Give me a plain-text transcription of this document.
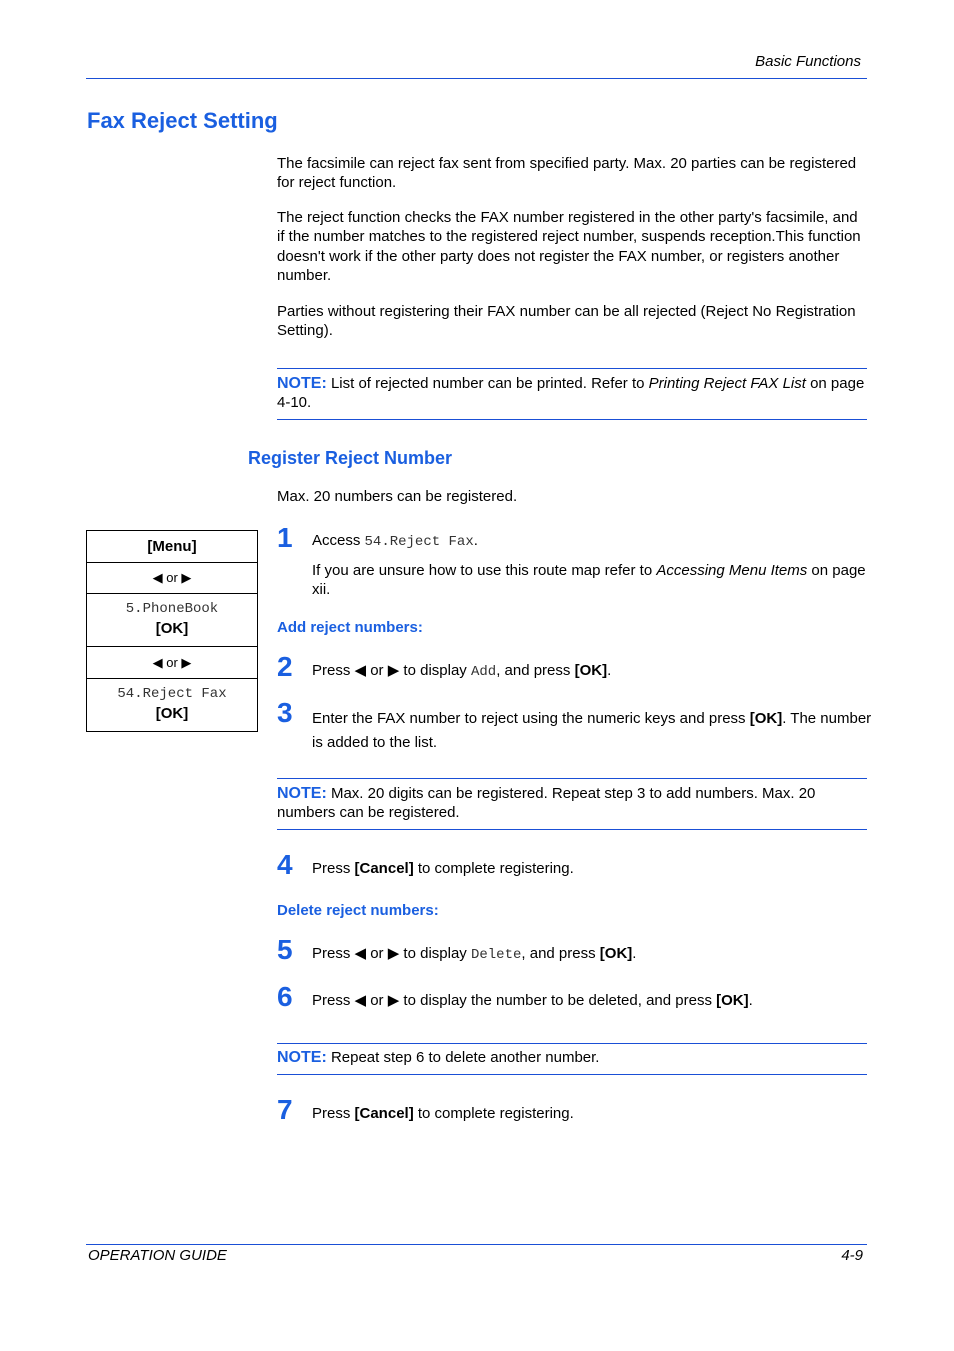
Basic Functions
Fax Reject Setting
The facsimile can reject fax sent from specified party. Max. 20 parties can be registered for reject function.
The reject function checks the FAX number registered in the other party's facsimile, and if the number matches to the registered reject number, suspends reception.This function doesn't work if the other party does not register the FAX number, or registers another number.
Parties without registering their FAX number can be all rejected (Reject No Registration Setting).
NOTE: List of rejected number can be printed. Refer to Printing Reject FAX List on page 4-10.
Register Reject Number
Max. 20 numbers can be registered.
[Menu]
◀ or ▶
5.PhoneBook
[OK]
◀ or ▶
54.Reject Fax
[OK]
1 Access 54.Reject Fax.
If you are unsure how to use this route map refer to Accessing Menu Items on page xii.
Add reject numbers:
2 Press ◀ or ▶ to display Add, and press [OK].
3 Enter the FAX number to reject using the numeric keys and press [OK]. The number is added to the list.
NOTE: Max. 20 digits can be registered. Repeat step 3 to add numbers. Max. 20 numbers can be registered.
4 Press [Cancel] to complete registering.
Delete reject numbers:
5 Press ◀ or ▶ to display Delete, and press [OK].
6 Press ◀ or ▶ to display the number to be deleted, and press [OK].
NOTE: Repeat step 6 to delete another number.
7 Press [Cancel] to complete registering.
OPERATION GUIDE	4-9
